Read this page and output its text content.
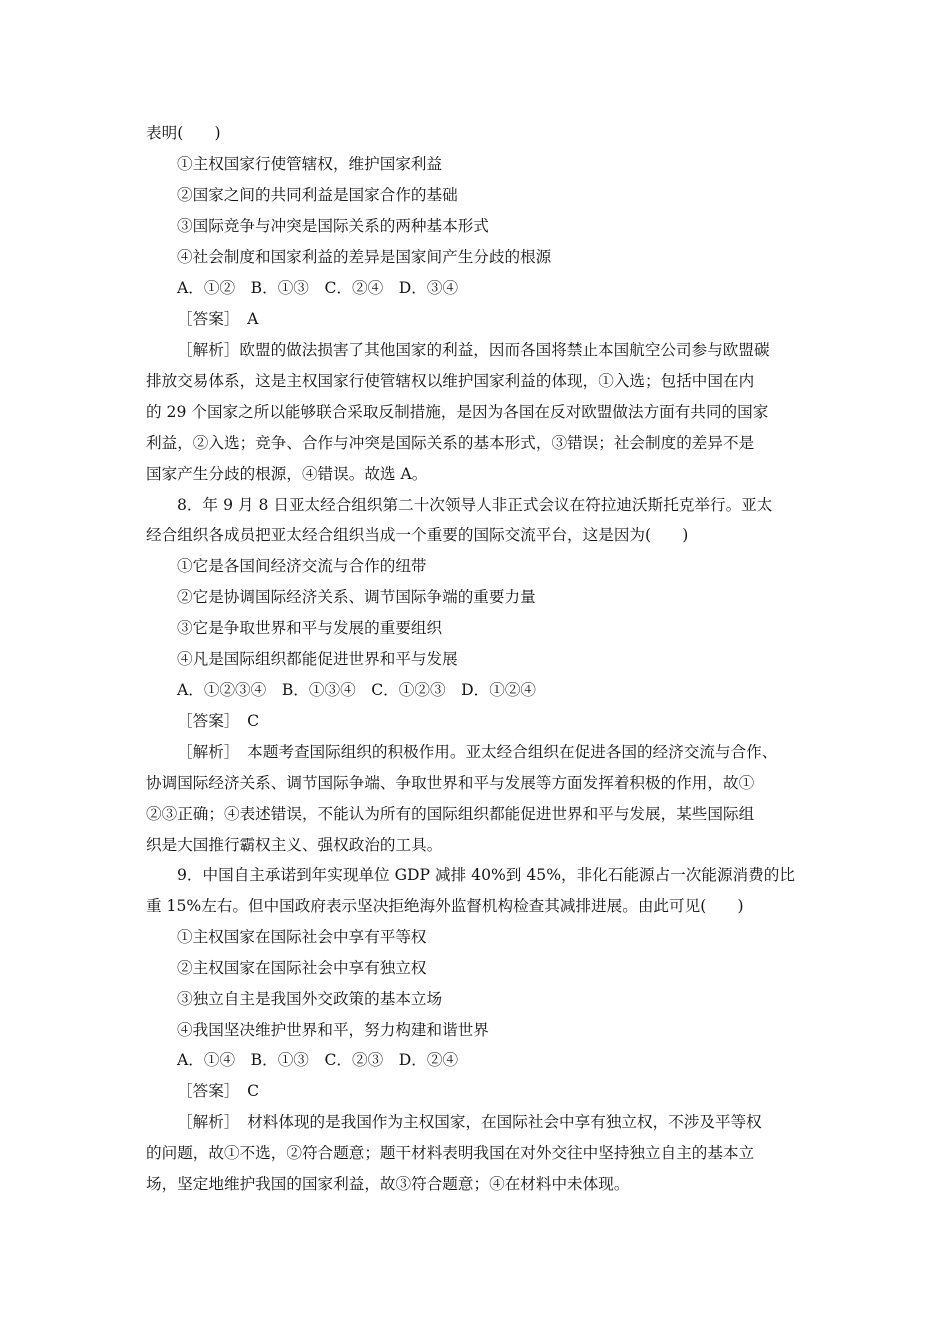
表明(　　)
①主权国家行使管辖权，维护国家利益
②国家之间的共同利益是国家合作的基础
③国际竞争与冲突是国际关系的两种基本形式
④社会制度和国家利益的差异是国家间产生分歧的根源
A．①②　B．①③　C．②④　D．③④
［答案］　A
［解析］欧盟的做法损害了其他国家的利益，因而各国将禁止本国航空公司参与欧盟碳
排放交易体系，这是主权国家行使管辖权以维护国家利益的体现，①入选；包括中国在内
的 29 个国家之所以能够联合采取反制措施，是因为各国在反对欧盟做法方面有共同的国家
利益，②入选；竞争、合作与冲突是国际关系的基本形式，③错误；社会制度的差异不是
国家产生分歧的根源，④错误。故选 A。
8．年 9 月 8 日亚太经合组织第二十次领导人非正式会议在符拉迪沃斯托克举行。亚太
经合组织各成员把亚太经合组织当成一个重要的国际交流平台，这是因为(　　)
①它是各国间经济交流与合作的纽带
②它是协调国际经济关系、调节国际争端的重要力量
③它是争取世界和平与发展的重要组织
④凡是国际组织都能促进世界和平与发展
A．①②③④　B．①③④　C．①②③　D．①②④
［答案］　C
［解析］　本题考查国际组织的积极作用。亚太经合组织在促进各国的经济交流与合作、
协调国际经济关系、调节国际争端、争取世界和平与发展等方面发挥着积极的作用，故①
②③正确；④表述错误，不能认为所有的国际组织都能促进世界和平与发展，某些国际组
织是大国推行霸权主义、强权政治的工具。
9．中国自主承诺到年实现单位 GDP 减排 40%到 45%，非化石能源占一次能源消费的比
重 15%左右。但中国政府表示坚决拒绝海外监督机构检查其减排进展。由此可见(　　)
①主权国家在国际社会中享有平等权
②主权国家在国际社会中享有独立权
③独立自主是我国外交政策的基本立场
④我国坚决维护世界和平，努力构建和谐世界
A．①④　B．①③　C．②③　D．②④
［答案］　C
［解析］　材料体现的是我国作为主权国家，在国际社会中享有独立权，不涉及平等权
的问题，故①不选，②符合题意；题干材料表明我国在对外交往中坚持独立自主的基本立
场，坚定地维护我国的国家利益，故③符合题意；④在材料中未体现。
